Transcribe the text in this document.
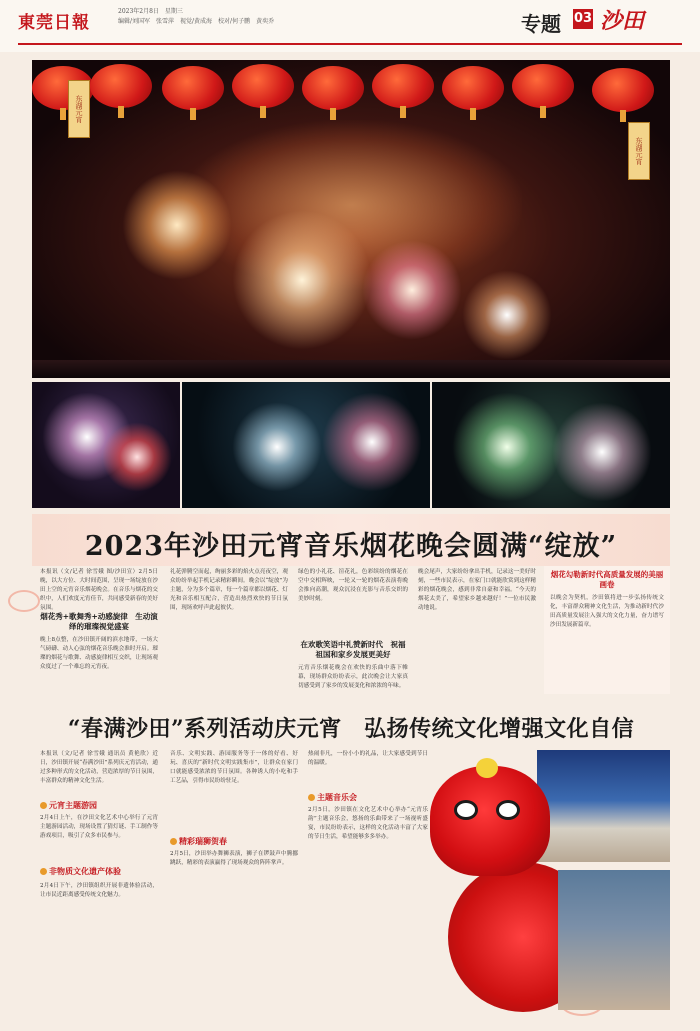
東莞日報
2023年2月8日　星期三
编辑/刘国军　张雪萍　视觉/黄成海　校对/何子鹏　黄奕乔	专题 03 沙田
东湖元宵
东湖元宵
2023年沙田元宵音乐烟花晚会圆满“绽放”
本报讯（文/记者 徐雪娥 图/沙田宣）2月5日晚，以大方位、大时间范围，呈现一场绽放在沙田上空的元宵音乐烟花晚会。在音乐与烟花的交织中，人们欢度元宵佳节，共同感受新春的美好氛围。
烟花秀+歌舞秀+动感旋律　生动演绎的璀璨视觉盛宴
晚上8点整，在沙田镇开阔的滨水地带，一场大气磅礴、动人心弦的烟花音乐晚会准时开启。璀璨的烟花与歌舞、动感旋律相互交织，让现场观众度过了一个难忘的元宵夜。
礼花弹腾空而起，绚丽多彩的焰火点亮夜空，观众纷纷举起手机记录精彩瞬间。晚会以“绽放”为主题，分为多个篇章，每一个篇章都以烟花、灯光和音乐相互配合，营造出热烈欢快的节日氛围，现场欢呼声此起彼伏。
绿色的小礼花、渲花礼，色彩缤纷的烟花在空中交相辉映，一轮又一轮的烟花表演将晚会推向高潮，观众沉浸在光影与音乐交织的美妙时刻。
在欢歌笑语中礼赞新时代　祝福祖国和家乡发展更美好
元宵音乐烟花晚会在欢快的乐曲中落下帷幕，现场群众纷纷表示，此次晚会让大家真切感受到了家乡的发展变化和浓浓的年味。
晚会尾声，大家纷纷拿出手机，记录这一美好时刻，一些市民表示，在家门口就能欣赏到这样精彩的烟花晚会，感到非常自豪和幸福。“今天的烟花太美了，希望家乡越来越好！”一位市民激动地说。
烟花勾勒新时代高质量发展的美丽画卷
以晚会为契机，沙田镇将进一步弘扬传统文化，丰富群众精神文化生活，为推动新时代沙田高质量发展注入强大的文化力量，奋力谱写沙田发展新篇章。
“春满沙田”系列活动庆元宵　弘扬传统文化增强文化自信
本报讯（文/记者 徐雪娥 通讯员 黄艳欣）近日，沙田镇开展“春满沙田”系列庆元宵活动，通过多种形式的文化活动，营造浓厚的节日氛围，丰富群众的精神文化生活。
元宵主题游园
2月4日上午，在沙田文化艺术中心举行了元宵主题游园活动，现场设置了猜灯谜、手工制作等游戏项目，吸引了众多市民参与。
非物质文化遗产体验
2月4日下午，沙田镇组织开展非遗体验活动，让市民近距离感受传统文化魅力。
音乐、文明实践、游园服务等于一体的好看、好玩、喜庆的“新时代文明实践集市”，让群众在家门口就能感受浓浓的节日氛围。各种诱人的小吃和手工艺品，引得市民纷纷驻足。
精彩瑞狮贺春
2月5日，沙田举办舞狮表演，狮子在锣鼓声中腾挪跳跃，精彩的表演赢得了现场观众的阵阵掌声。
热闹非凡，一份小小的礼品，让大家感受到节日的温暖。
主题音乐会
2月5日，沙田镇在文化艺术中心举办“元宵乐韵”主题音乐会，悠扬的乐曲带来了一场视听盛宴，市民纷纷表示，这样的文化活动丰富了大家的节日生活，希望能够多多举办。
